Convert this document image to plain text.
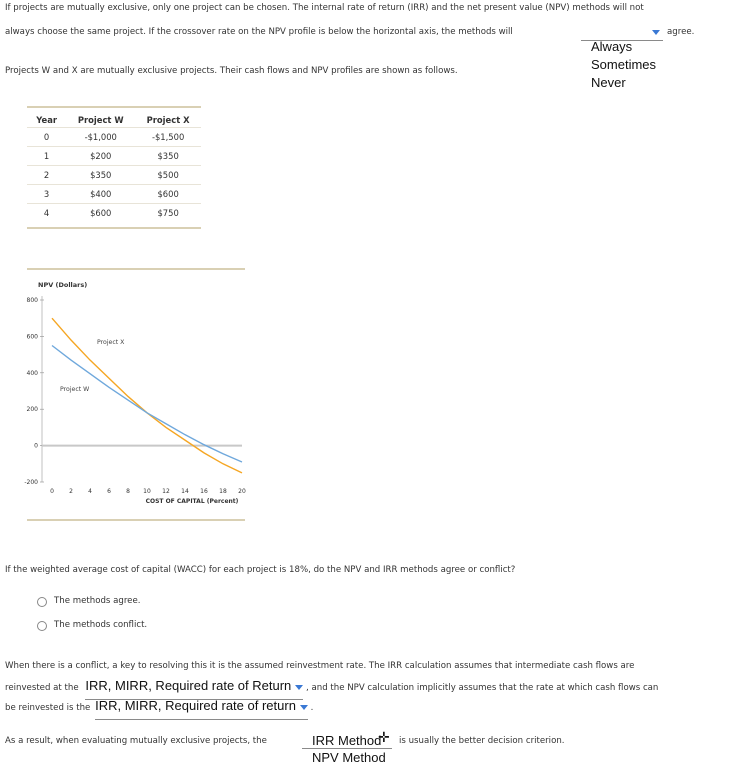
If projects are mutually exclusive, only one project can be chosen. The internal rate of return (IRR) and the net present value (NPV) methods will not
always choose the same project. If the crossover rate on the NPV profile is below the horizontal axis, the methods will	agree.
Always
Sometimes
Never
Projects W and X are mutually exclusive projects. Their cash flows and NPV profiles are shown as follows.
Year	Project W	Project X
0	-$1,000	-$1,500
1	$200	$350
2	$350	$500
3	$400	$600
4	$600	$750
NPV (Dollars)
800
600
400
200
0
-200
0	2	4	6	8 10 12 14 16 18 20
COST OF CAPITAL (Percent)
Project X
Project W
If the weighted average cost of capital (WACC) for each project is 18%, do the NPV and IRR methods agree or conflict?
The methods agree.
The methods conflict.
When there is a conflict, a key to resolving this it is the assumed reinvestment rate. The IRR calculation assumes that intermediate cash flows are
reinvested at the IRR, MIRR, Required rate of Return , and the NPV calculation implicitly assumes that the rate at which cash flows can
be reinvested is the IRR, MIRR, Required rate of return .
As a result, when evaluating mutually exclusive projects, the	IRR Method
✛ is usually the better decision criterion.
NPV Method
